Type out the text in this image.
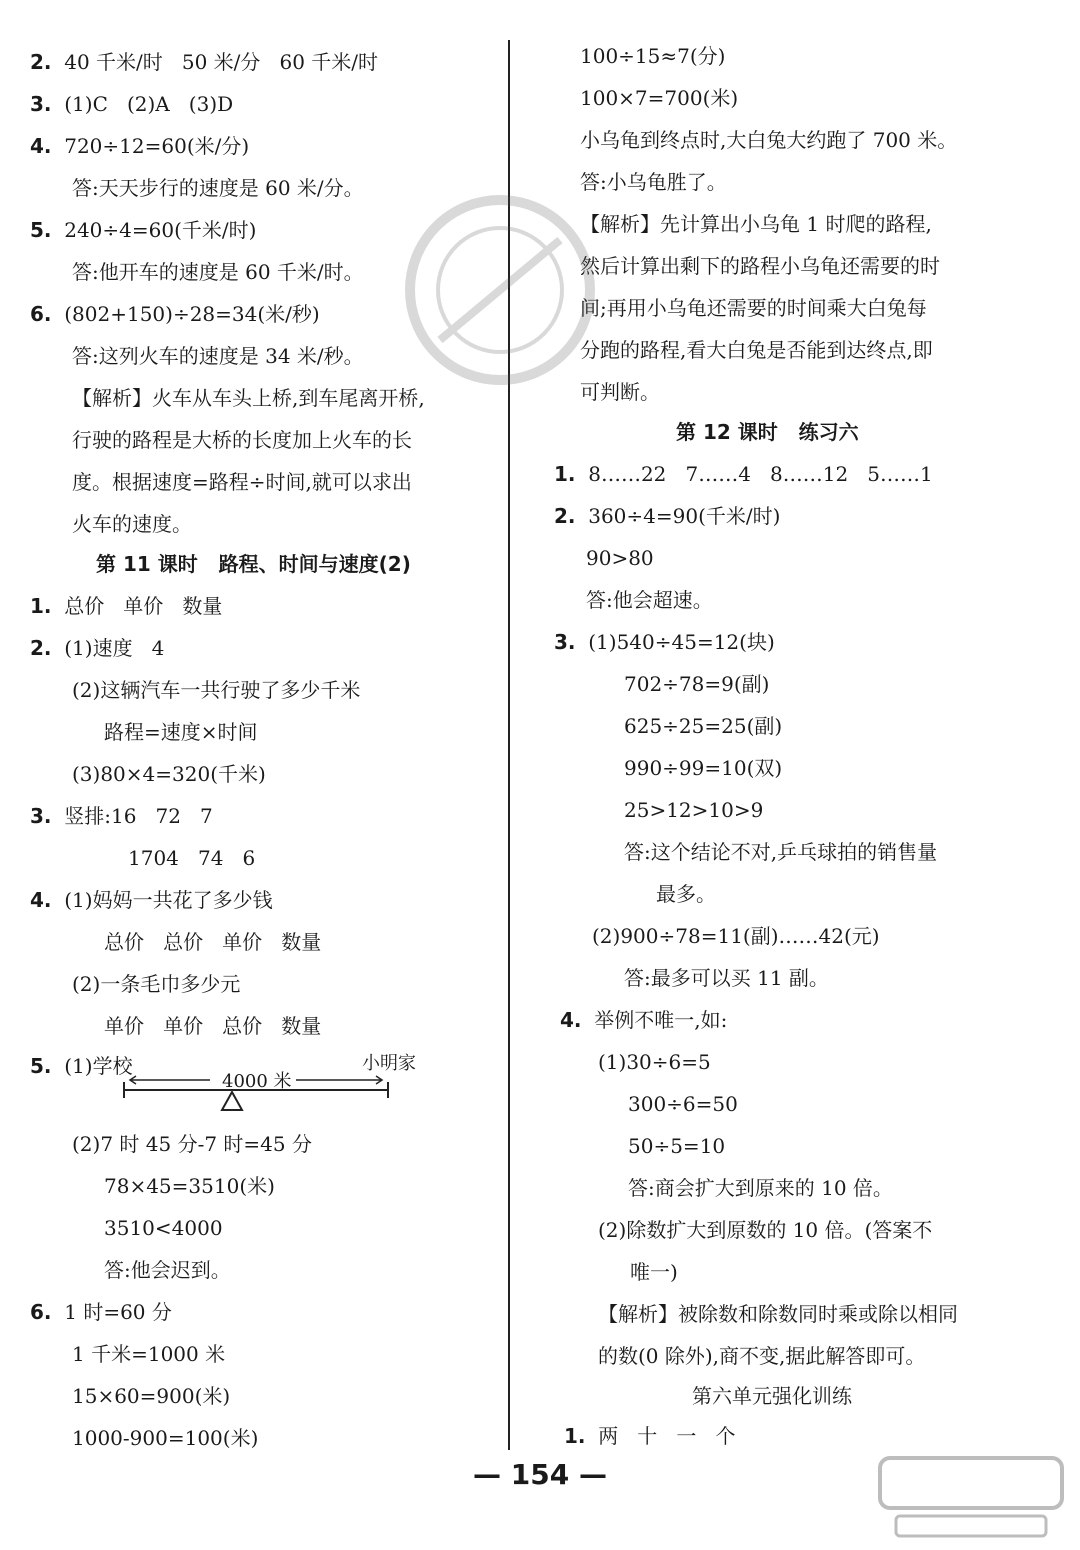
2. 40 千米/时   50 米/分   60 千米/时
3. (1)C   (2)A   (3)D
4. 720÷12=60(米/分)
答:天天步行的速度是 60 米/分。
5. 240÷4=60(千米/时)
答:他开车的速度是 60 千米/时。
6. (802+150)÷28=34(米/秒)
答:这列火车的速度是 34 米/秒。
【解析】火车从车头上桥,到车尾离开桥,
行驶的路程是大桥的长度加上火车的长
度。根据速度=路程÷时间,就可以求出
火车的速度。
第 11 课时   路程、时间与速度(2)
1. 总价   单价   数量
2. (1)速度   4
(2)这辆汽车一共行驶了多少千米
路程=速度×时间
(3)80×4=320(千米)
3. 竖排:16   72   7
1704   74   6
4. (1)妈妈一共花了多少钱
总价   总价   单价   数量
(2)一条毛巾多少元
单价   单价   总价   数量
5. (1)学校
4000 米
小明家
(2)7 时 45 分-7 时=45 分
78×45=3510(米)
3510<4000
答:他会迟到。
6. 1 时=60 分
1 千米=1000 米
15×60=900(米)
1000-900=100(米)
100÷15≈7(分)
100×7=700(米)
小乌龟到终点时,大白兔大约跑了 700 米。
答:小乌龟胜了。
【解析】先计算出小乌龟 1 时爬的路程,
然后计算出剩下的路程小乌龟还需要的时
间;再用小乌龟还需要的时间乘大白兔每
分跑的路程,看大白兔是否能到达终点,即
可判断。
第 12 课时   练习六
1. 8……22   7……4   8……12   5……1
2. 360÷4=90(千米/时)
90>80
答:他会超速。
3. (1)540÷45=12(块)
702÷78=9(副)
625÷25=25(副)
990÷99=10(双)
25>12>10>9
答:这个结论不对,乒乓球拍的销售量
最多。
(2)900÷78=11(副)……42(元)
答:最多可以买 11 副。
4. 举例不唯一,如:
(1)30÷6=5
300÷6=50
50÷5=10
答:商会扩大到原来的 10 倍。
(2)除数扩大到原数的 10 倍。(答案不
唯一)
【解析】被除数和除数同时乘或除以相同
的数(0 除外),商不变,据此解答即可。
第六单元强化训练
1. 两   十   一   个
— 154 —
